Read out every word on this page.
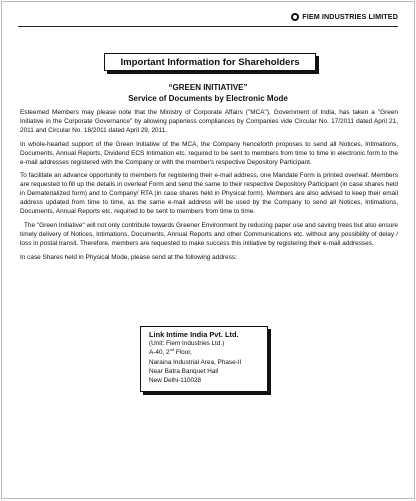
FIEM INDUSTRIES LIMITED
Important Information for Shareholders
“GREEN INITIATIVE”
Service of Documents by Electronic Mode

Esteemed Members may please note that the Ministry of Corporate Affairs ("MCA"), Government of India, has taken a "Green Initiative in the Corporate Governance" by allowing paperless compliances by Companies vide Circular No. 17/2011 dated April 21, 2011 and Circular No. 18/2011 dated April 29, 2011.

In whole-hearted support of the Green Initiative of the MCA, the Company henceforth proposes to send all Notices, Intimations, Documents, Annual Reports, Dividend ECS Intimation etc. required to be sent to members from time to time in electronic form to the e-mail addresses registered with the Company or with the member's respective Depository Participant.

To facilitate an advance opportunity to members for registering their e-mail address, one Mandate Form is printed overleaf. Members are requested to fill up the details in overleaf Form and send the same to their respective Depository Participant (in case shares held in Dematerialized form) and to Company/ RTA (in case shares held in Physical form). Members are also advised to keep their email address updated from time to time, as the same e-mail address will be used by the Company to send all Notices, Intimations, Documents, Annual Reports etc. required to be sent to members from time to time.

The "Green Initiative" will not only contribute towards Greener Environment by reducing paper use and saving trees but also ensure timely delivery of Notices, Intimations, Documents, Annual Reports and other Communications etc. without any possibility of delay / loss in postal transit. Therefore, members are requested to make success this initiative by registering their e-mail addresses.

In case Shares held in Physical Mode, please send at the following address:

Link Intime India Pvt. Ltd.
(Unit: Fiem Industries Ltd.)
A-40, 2nd Floor,
Naraina Industrial Area, Phase-II
Near Batra Banquet Hall
New Delhi-110028
